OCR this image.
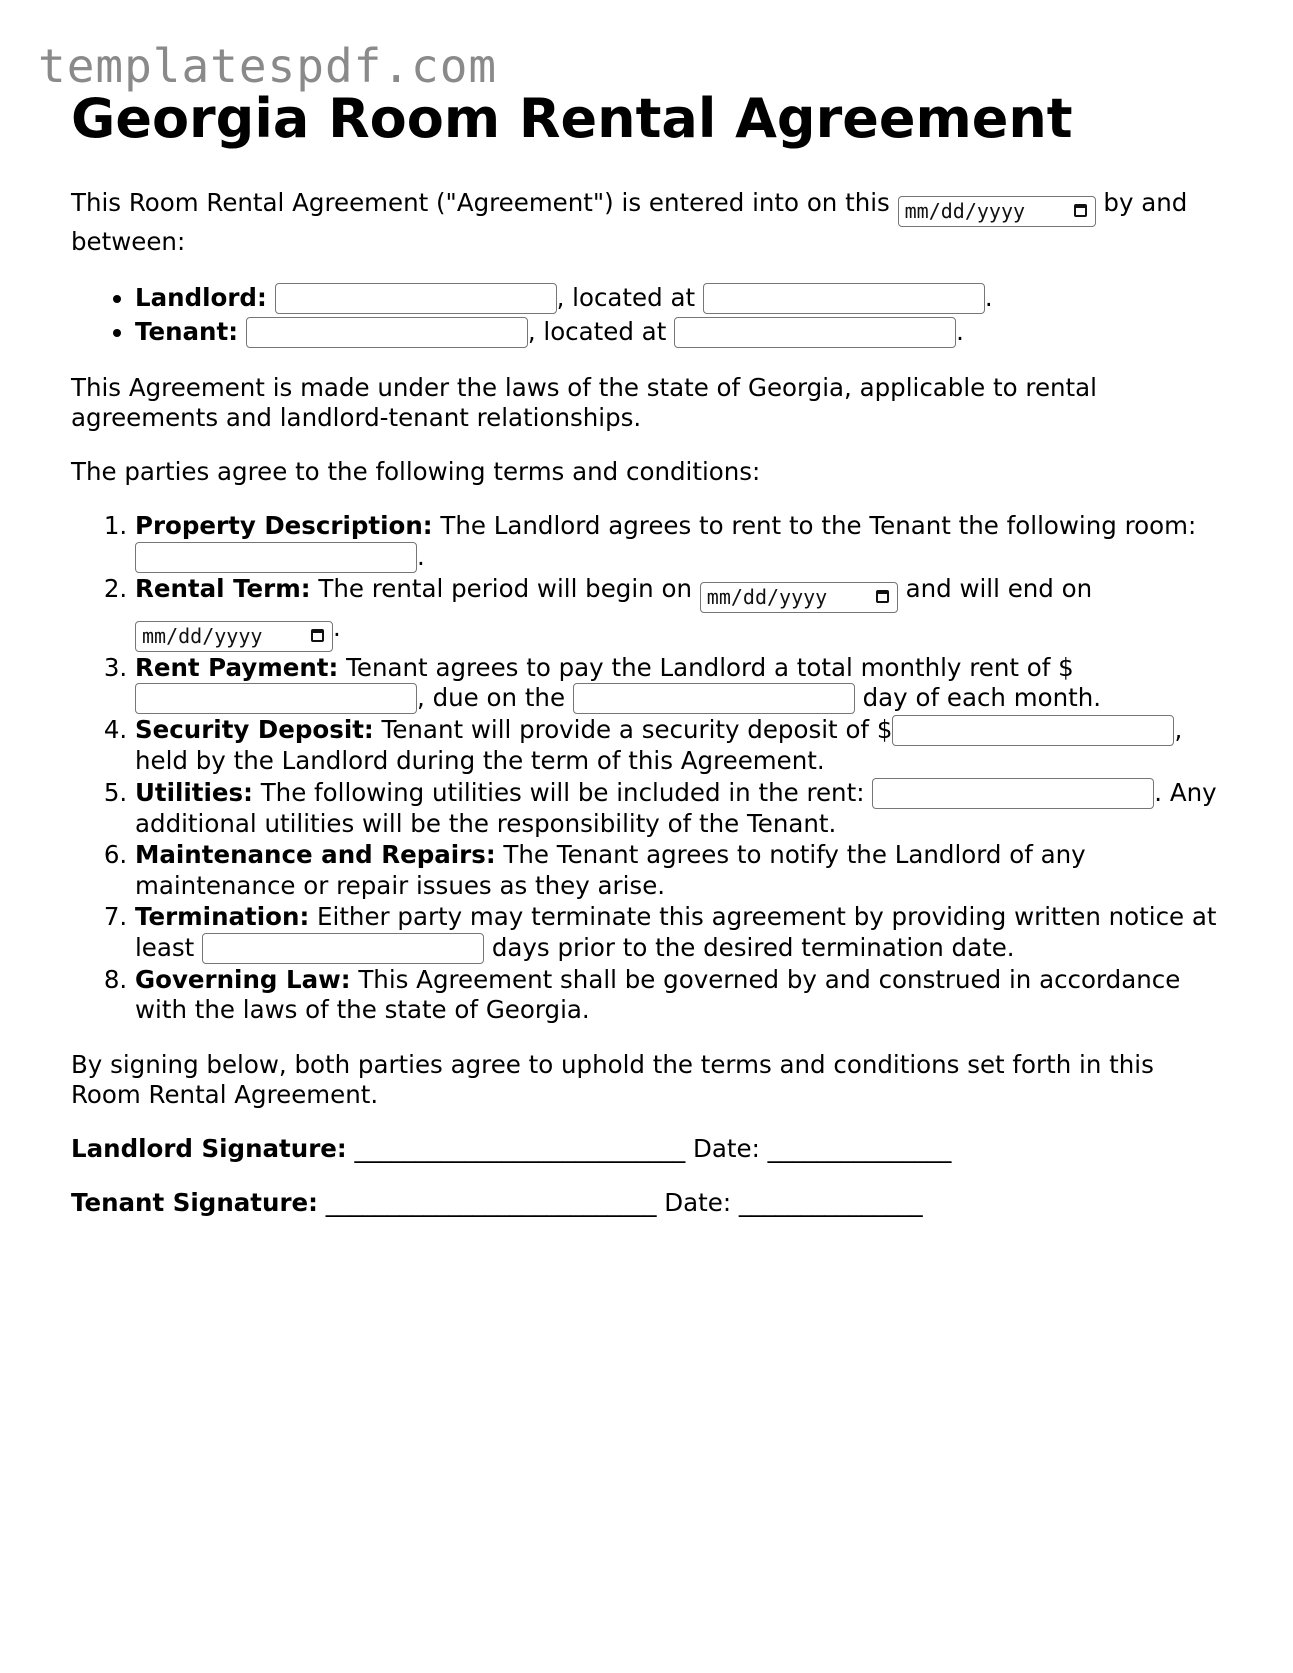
templatespdf.com
Georgia Room Rental Agreement

This Room Rental Agreement ("Agreement") is entered into on this mm/dd/yyyy	by and between:

• Landlord:	, located at	.
• Tenant:	, located at	.

This Agreement is made under the laws of the state of Georgia, applicable to rental agreements and landlord-tenant relationships.

The parties agree to the following terms and conditions:

1. Property Description: The Landlord agrees to rent to the Tenant the following room: .
2. Rental Term: The rental period will begin on mm/dd/yyyy	and will end on mm/dd/yyyy	.
3. Rent Payment: Tenant agrees to pay the Landlord a total monthly rent of $ , due on the	day of each month.
4. Security Deposit: Tenant will provide a security deposit of $	, held by the Landlord during the term of this Agreement.
5. Utilities: The following utilities will be included in the rent:	. Any additional utilities will be the responsibility of the Tenant.
6. Maintenance and Repairs: The Tenant agrees to notify the Landlord of any maintenance or repair issues as they arise.
7. Termination: Either party may terminate this agreement by providing written notice at least	days prior to the desired termination date.
8. Governing Law: This Agreement shall be governed by and construed in accordance with the laws of the state of Georgia.

By signing below, both parties agree to uphold the terms and conditions set forth in this Room Rental Agreement.

Landlord Signature: ___________________________ Date: _______________

Tenant Signature: ___________________________ Date: _______________
